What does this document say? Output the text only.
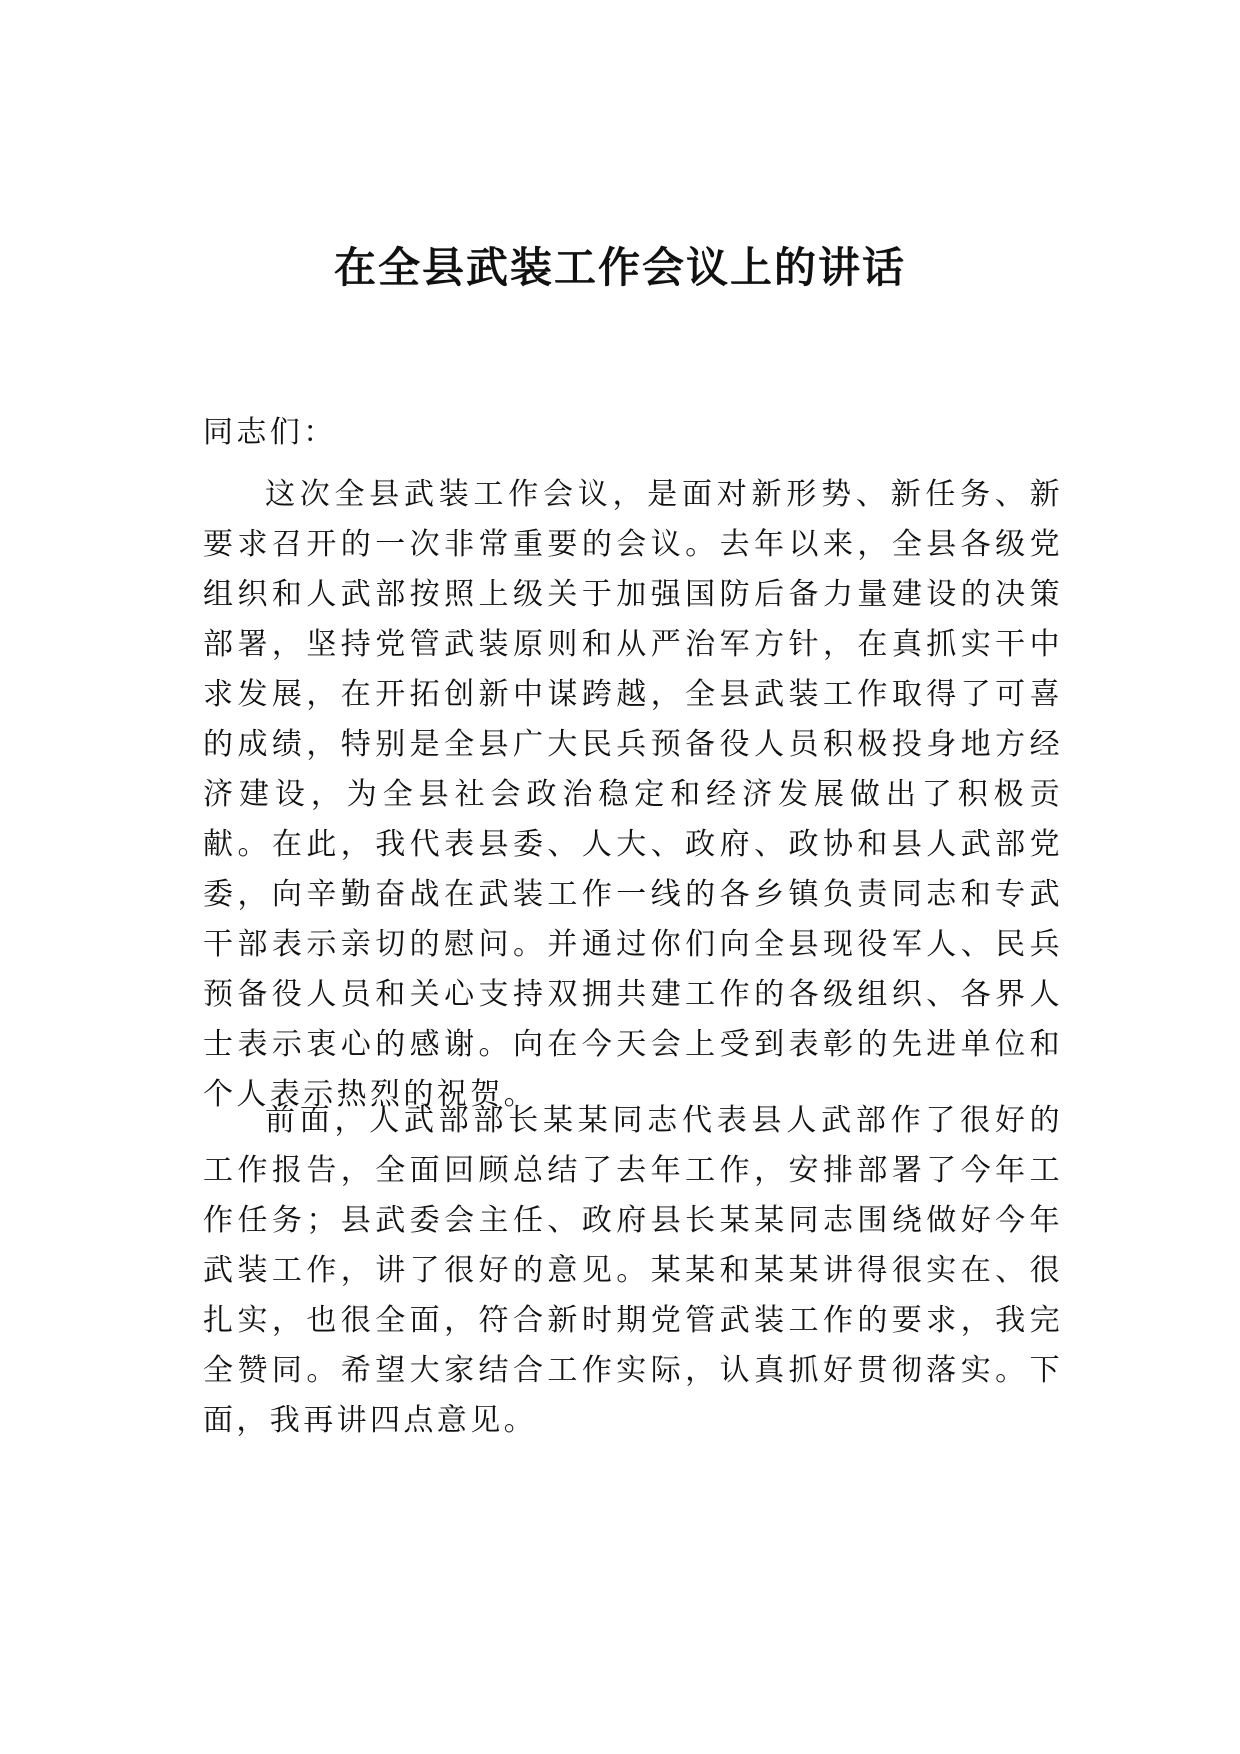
在全县武装工作会议上的讲话

同志们：

这次全县武装工作会议，是面对新形势、新任务、新要求召开的一次非常重要的会议。去年以来，全县各级党组织和人武部按照上级关于加强国防后备力量建设的决策部署，坚持党管武装原则和从严治军方针，在真抓实干中求发展，在开拓创新中谋跨越，全县武装工作取得了可喜的成绩，特别是全县广大民兵预备役人员积极投身地方经济建设，为全县社会政治稳定和经济发展做出了积极贡献。在此，我代表县委、人大、政府、政协和县人武部党委，向辛勤奋战在武装工作一线的各乡镇负责同志和专武干部表示亲切的慰问。并通过你们向全县现役军人、民兵预备役人员和关心支持双拥共建工作的各级组织、各界人士表示衷心的感谢。向在今天会上受到表彰的先进单位和个人表示热烈的祝贺。

前面，人武部部长某某同志代表县人武部作了很好的工作报告，全面回顾总结了去年工作，安排部署了今年工作任务；县武委会主任、政府县长某某同志围绕做好今年武装工作，讲了很好的意见。某某和某某讲得很实在、很扎实，也很全面，符合新时期党管武装工作的要求，我完全赞同。希望大家结合工作实际，认真抓好贯彻落实。下面，我再讲四点意见。
